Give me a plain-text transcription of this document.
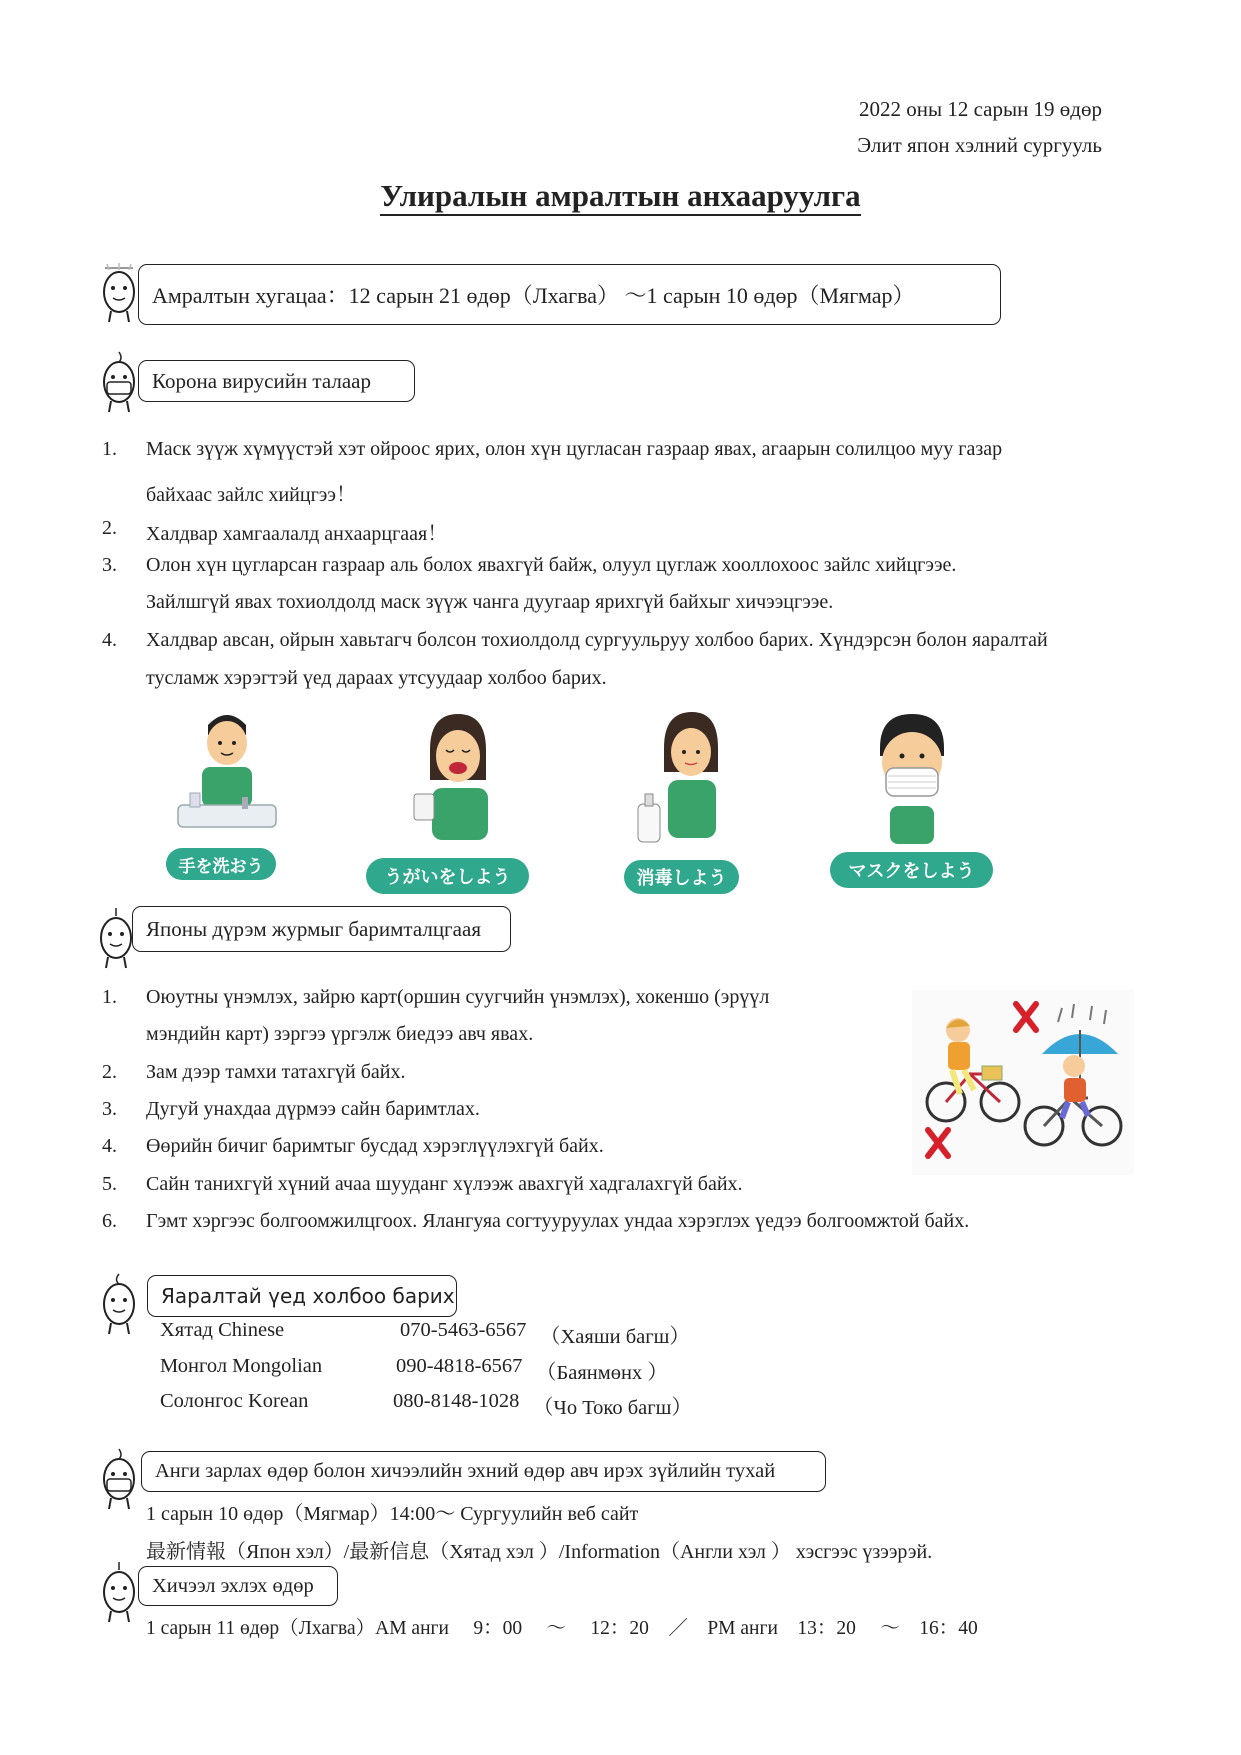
2022 оны 12 сарын 19 өдөр
Элит япон хэлний сургууль
Улиралын амралтын анхааруулга
Амралтын хугацаа：12 сарын 21 өдөр（Лхагва） ～1 сарын 10 өдөр（Мягмар）
Корона вирусийн талаар
1. Маск зүүж хүмүүстэй хэт ойроос ярих, олон хүн цугласан газраар явах, агаарын солилцоо муу газар
байхаас зайлс хийцгээ！
2. Халдвар хамгаалалд анхаарцгаая！
3. Олон хүн цугларсан газраар аль болох явахгүй байж, олуул цуглаж хооллохоос зайлс хийцгээе.
Зайлшгүй явах тохиолдолд маск зүүж чанга дуугаар ярихгүй байхыг хичээцгээе.
4. Халдвар авсан, ойрын хавьтагч болсон тохиолдолд сургуульруу холбоо барих. Хүндэрсэн болон яаралтай
тусламж хэрэгтэй үед дараах утсуудаар холбоо барих.
手を洗おう
うがいをしよう	消毒しよう	マスクをしよう
Японы дүрэм журмыг баримталцгаая
1. Оюутны үнэмлэх, зайрю карт(оршин суугчийн үнэмлэх), хокеншо (эрүүл
мэндийн карт) зэргээ үргэлж биедээ авч явах.
2. Зам дээр тамхи татахгүй байх.
3. Дугуй унахдаа дүрмээ сайн баримтлах.
4. Өөрийн бичиг баримтыг бусдад хэрэглүүлэхгүй байх.
5. Сайн танихгүй хүний ачаа шууданг хүлээж авахгүй хадгалахгүй байх.
6. Гэмт хэргээс болгоомжилцгоох. Ялангуяа согтууруулах ундаа хэрэглэх үедээ болгоомжтой байх.
Яаралтай үед холбоо барих
Хятад Chinese	070-5463-6567 （Хаяши багш）
Монгол Mongolian	090-4818-6567 （Баянмөнх ）
Солонгос Korean	080-8148-1028 （Чо Токо багш）
Анги зарлах өдөр болон хичээлийн эхний өдөр авч ирэх зүйлийн тухай
1 сарын 10 өдөр（Мягмар）14:00～ Сургуулийн веб сайт
最新情報（Япон хэл）/最新信息（Хятад хэл ）/Information（Англи хэл ） хэсгээс үзээрэй.
Хичээл эхлэх өдөр
1 сарын 11 өдөр（Лхагва）АМ анги　 9：00　 ～　 12：20　／　PM анги　13：20　 ～　16：40
